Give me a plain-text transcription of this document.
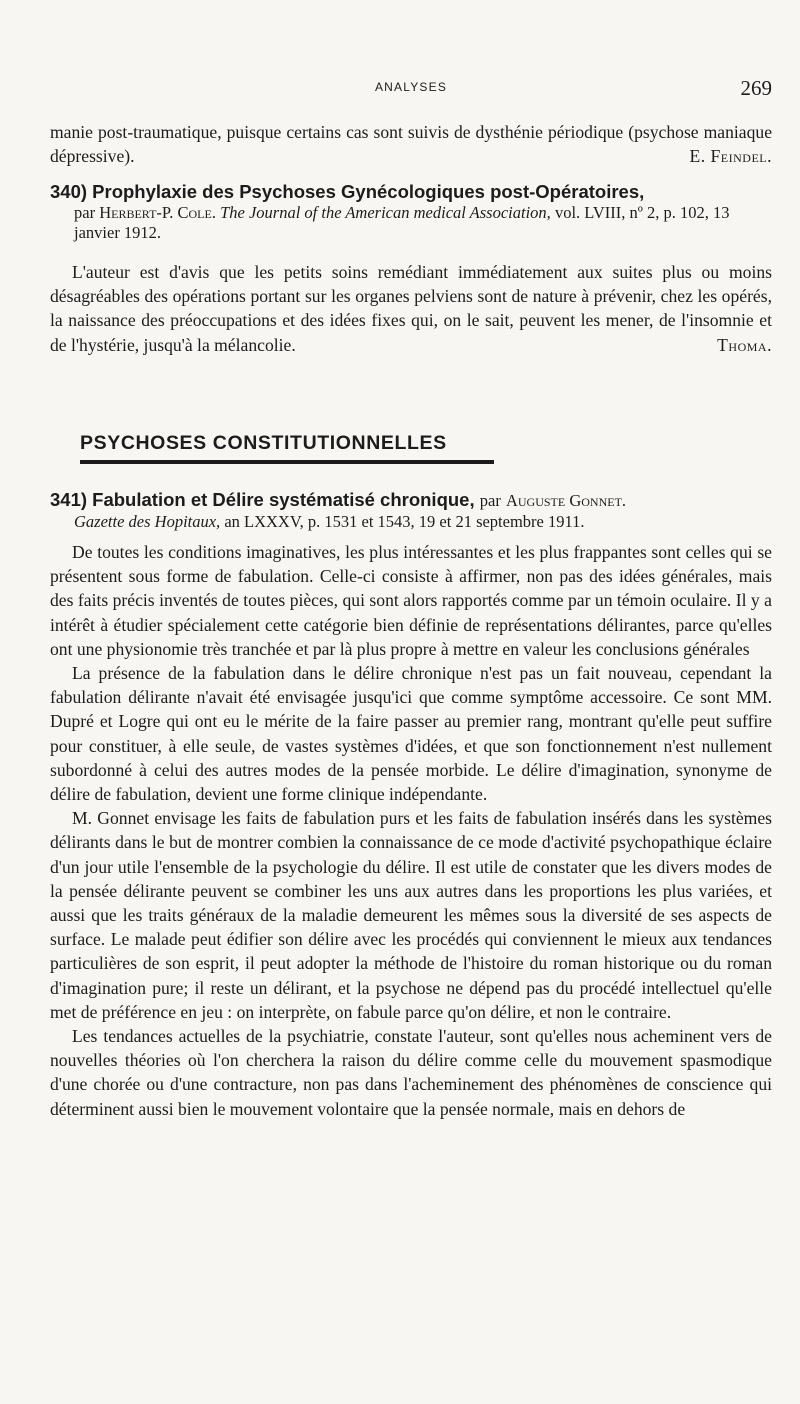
ANALYSES	269

manie post-traumatique, puisque certains cas sont suivis de dysthénie périodique (psychose maniaque dépressive).	E. Feindel.

340) Prophylaxie des Psychoses Gynécologiques post-Opératoires,
par Herbert-P. Cole. The Journal of the American medical Association, vol. LVIII, nº 2, p. 102, 13 janvier 1912.

L'auteur est d'avis que les petits soins remédiant immédiatement aux suites plus ou moins désagréables des opérations portant sur les organes pelviens sont de nature à prévenir, chez les opérés, la naissance des préoccupations et des idées fixes qui, on le sait, peuvent les mener, de l'insomnie et de l'hystérie, jusqu'à la mélancolie.	Thoma.

PSYCHOSES CONSTITUTIONNELLES
341) Fabulation et Délire systématisé chronique, par Auguste Gonnet.
Gazette des Hopitaux, an LXXXV, p. 1531 et 1543, 19 et 21 septembre 1911.

De toutes les conditions imaginatives, les plus intéressantes et les plus frappantes sont celles qui se présentent sous forme de fabulation. Celle-ci consiste à affirmer, non pas des idées générales, mais des faits précis inventés de toutes pièces, qui sont alors rapportés comme par un témoin oculaire. Il y a intérêt à étudier spécialement cette catégorie bien définie de représentations délirantes, parce qu'elles ont une physionomie très tranchée et par là plus propre à mettre en valeur les conclusions générales

La présence de la fabulation dans le délire chronique n'est pas un fait nouveau, cependant la fabulation délirante n'avait été envisagée jusqu'ici que comme symptôme accessoire. Ce sont MM. Dupré et Logre qui ont eu le mérite de la faire passer au premier rang, montrant qu'elle peut suffire pour constituer, à elle seule, de vastes systèmes d'idées, et que son fonctionnement n'est nullement subordonné à celui des autres modes de la pensée morbide. Le délire d'imagination, synonyme de délire de fabulation, devient une forme clinique indépendante.

M. Gonnet envisage les faits de fabulation purs et les faits de fabulation insérés dans les systèmes délirants dans le but de montrer combien la connaissance de ce mode d'activité psychopathique éclaire d'un jour utile l'ensemble de la psychologie du délire. Il est utile de constater que les divers modes de la pensée délirante peuvent se combiner les uns aux autres dans les proportions les plus variées, et aussi que les traits généraux de la maladie demeurent les mêmes sous la diversité de ses aspects de surface. Le malade peut édifier son délire avec les procédés qui conviennent le mieux aux tendances particulières de son esprit, il peut adopter la méthode de l'histoire du roman historique ou du roman d'imagination pure; il reste un délirant, et la psychose ne dépend pas du procédé intellectuel qu'elle met de préférence en jeu : on interprète, on fabule parce qu'on délire, et non le contraire.

Les tendances actuelles de la psychiatrie, constate l'auteur, sont qu'elles nous acheminent vers de nouvelles théories où l'on cherchera la raison du délire comme celle du mouvement spasmodique d'une chorée ou d'une contracture, non pas dans l'acheminement des phénomènes de conscience qui déterminent aussi bien le mouvement volontaire que la pensée normale, mais en dehors de
